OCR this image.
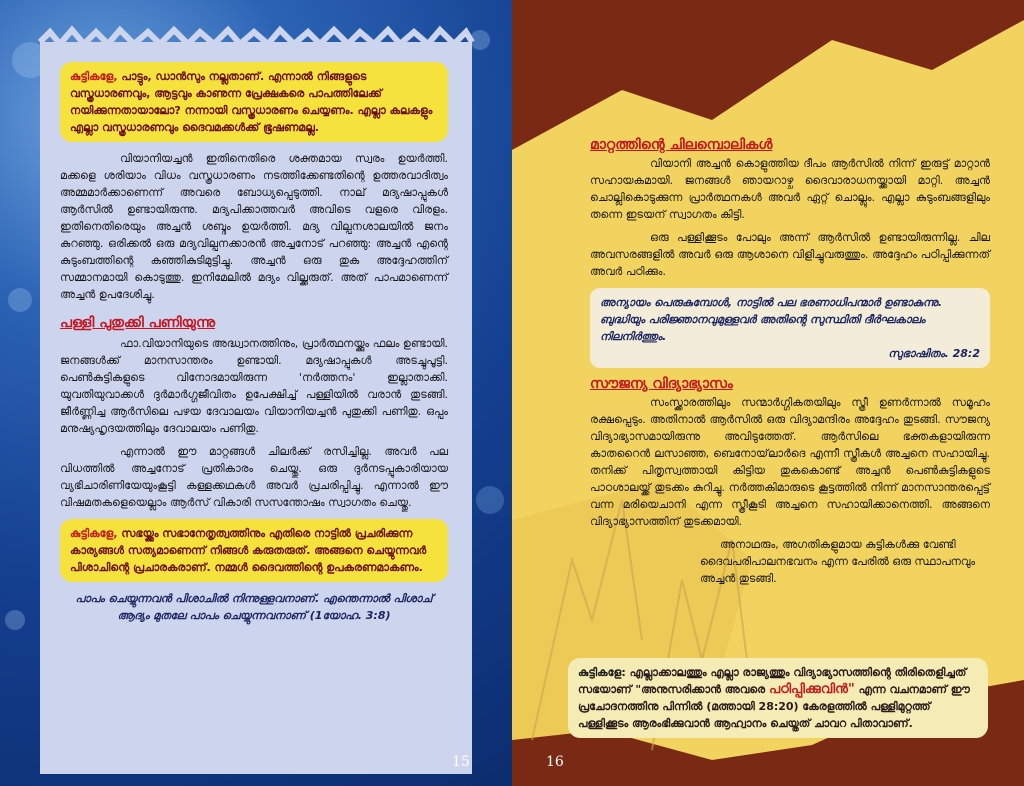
കുട്ടികളേ, പാട്ടും, ഡാൻസും നല്ലതാണ്. എന്നാൽ നിങ്ങളുടെ വസ്ത്രധാരണവും, ആട്ടവും കാണുന്ന പ്രേക്ഷകരെ പാപത്തിലേക്ക് നയിക്കുന്നതായാലോ? നന്നായി വസ്ത്രധാരണം ചെയ്യണം. എല്ലാ കലകളും എല്ലാ വസ്ത്രധാരണവും ദൈവമക്കൾക്ക് ഭൂഷണമല്ല.

വിയാനിയച്ചൻ ഇതിനെതിരെ ശക്തമായ സ്വരം ഉയർത്തി. മക്കളെ ശരിയാം വിധം വസ്ത്രധാരണം നടത്തിക്കേണ്ടതിന്റെ ഉത്തരവാദിത്വം അമ്മമാർക്കാണെന്ന് അവരെ ബോധ്യപ്പെടുത്തി. നാല് മദ്യഷാപ്പുകൾ ആർസിൽ ഉണ്ടായിരുന്നു. മദ്യപിക്കാത്തവർ അവിടെ വളരെ വിരളം. ഇതിനെതിരെയും അച്ചൻ ശബ്ദം ഉയർത്തി. മദ്യ വില്പനശാലയിൽ ജനം കുറഞ്ഞു. ഒരിക്കൽ ഒരു മദ്യവില്പനക്കാരൻ അച്ചനോട് പറഞ്ഞു: അച്ചൻ എന്റെ കുടുംബത്തിന്റെ കഞ്ഞികുടിമുട്ടിച്ചു. അച്ചൻ ഒരു തുക അദ്ദേഹത്തിന് സമ്മാനമായി കൊടുത്തു. ഇനിമേലിൽ മദ്യം വില്ക്കരുത്. അത് പാപമാണെന്ന് അച്ചൻ ഉപദേശിച്ചു.

പള്ളി പുതുക്കി പണിയുന്നു

ഫാ.വിയാനിയുടെ അദ്ധ്വാനത്തിനും, പ്രാർത്ഥനയ്ക്കും ഫലം ഉണ്ടായി. ജനങ്ങൾക്ക് മാനസാന്തരം ഉണ്ടായി. മദ്യഷാപ്പുകൾ അടച്ചുപൂട്ടി. പെൺകുട്ടികളുടെ വിനോദമായിരുന്ന 'നർത്തനം' ഇല്ലാതാക്കി. യുവതിയുവാക്കൾ ദുർമാർഗ്ഗജീവിതം ഉപേക്ഷിച്ച് പള്ളിയിൽ വരാൻ തുടങ്ങി. ജീർണ്ണിച്ച ആർസിലെ പഴയ ദേവാലയം വിയാനിയച്ചൻ പുതുക്കി പണിതു. ഒപ്പം മനുഷ്യഹൃദയത്തിലും ദേവാലയം പണിതു.

എന്നാൽ ഈ മാറ്റങ്ങൾ ചിലർക്ക് രസിച്ചില്ല. അവർ പല വിധത്തിൽ അച്ചനോട് പ്രതികാരം ചെയ്തു. ഒരു ദുർനടപ്പുകാരിയായ വ്യഭിചാരിണിയേയുംകൂട്ടി കള്ളക്കഥകൾ അവർ പ്രചരിപ്പിച്ചു. എന്നാൽ ഈ വിഷമതകളെയെല്ലാം ആർസ് വികാരി സസന്തോഷം സ്വാഗതം ചെയ്തു.

കുട്ടികളേ, സഭയ്ക്കും സഭാനേതൃത്വത്തിനും എതിരെ നാട്ടിൽ പ്രചരിക്കുന്ന കാര്യങ്ങൾ സത്യമാണെന്ന് നിങ്ങൾ കരുതരുത്. അങ്ങനെ ചെയ്യുന്നവർ പിശാചിന്റെ പ്രചാരകരാണ്. നമ്മൾ ദൈവത്തിന്റെ ഉപകരണമാകണം.

പാപം ചെയ്യുന്നവൻ പിശാചിൽ നിന്നുള്ളവനാണ്. എന്തെന്നാൽ പിശാച് ആദ്യം മുതലേ പാപം ചെയ്യുന്നവനാണ് (1യോഹ. 3:8)

15
മാറ്റത്തിന്റെ ചിലമ്പൊലികൾ

വിയാനി അച്ചൻ കൊളുത്തിയ ദീപം ആർസിൽ നിന്ന് ഇരുട്ട് മാറ്റാൻ സഹായകമായി. ജനങ്ങൾ ഞായറാഴ്ച ദൈവാരാധനയ്ക്കായി മാറ്റി. അച്ചൻ ചൊല്ലികൊടുക്കുന്ന പ്രാർത്ഥനകൾ അവർ ഏറ്റ് ചൊല്ലും. എല്ലാ കുടുംബങ്ങളിലും തന്നെ ഇടയന് സ്വാഗതം കിട്ടി.

ഒരു പള്ളിക്കൂടം പോലും അന്ന് ആർസിൽ ഉണ്ടായിരുന്നില്ല. ചില അവസരങ്ങളിൽ അവർ ഒരു ആശാനെ വിളിച്ചുവരുത്തും. അദ്ദേഹം പഠിപ്പിക്കുന്നത് അവർ പഠിക്കും.

അന്യായം പെരുകുമ്പോൾ, നാട്ടിൽ പല ഭരണാധിപന്മാർ ഉണ്ടാകുന്നു. ബുദ്ധിയും പരിജ്ഞാനവുമുള്ളവർ അതിന്റെ സുസ്ഥിതി ദീർഘകാലം നിലനിർത്തും.

സുഭാഷിതം. 28:2

സൗജന്യ വിദ്യാഭ്യാസം

സംസ്ക്കാരത്തിലും സന്മാർഗ്ഗികതയിലും സ്ത്രീ ഉണർന്നാൽ സമൂഹം രക്ഷപ്പെടും. അതിനാൽ ആർസിൽ ഒരു വിദ്യാമന്ദിരം അദ്ദേഹം തുടങ്ങി. സൗജന്യ വിദ്യാഭ്യാസമായിരുന്നു അവിടുത്തേത്. ആർസിലെ ഭക്തകളായിരുന്ന കാതറൈൻ ലസാഞ്ഞ, ബെനോയ്‌ലാർദെ എന്നീ സ്ത്രീകൾ അച്ചനെ സഹായിച്ചു. തനിക്ക് പിതൃസ്വത്തായി കിട്ടിയ തുകകൊണ്ട് അച്ചൻ പെൺകുട്ടികളുടെ പാഠശാലയ്ക്ക് തുടക്കം കുറിച്ചു. നർത്തകിമാരുടെ കൂട്ടത്തിൽ നിന്ന് മാനസാന്തരപ്പെട്ട് വന്ന മരിയെചാനി എന്ന സ്ത്രീകൂടി അച്ചനെ സഹായിക്കാനെത്തി. അങ്ങനെ വിദ്യാഭ്യാസത്തിന് തുടക്കമായി.

അനാഥരും, അഗതികളുമായ കുട്ടികൾക്കു വേണ്ടി ദൈവപരിപാലനഭവനം എന്ന പേരിൽ ഒരു സ്ഥാപനവും അച്ചൻ തുടങ്ങി.

കുട്ടികളേ: എല്ലാക്കാലത്തും എല്ലാ രാജ്യത്തും വിദ്യാഭ്യാസത്തിന്റെ തിരിതെളിച്ചത് സഭയാണ് "അനുസരിക്കാൻ അവരെ പഠിപ്പിക്കുവിൻ" എന്ന വചനമാണ് ഈ പ്രചോദനത്തിനു പിന്നിൽ (മത്തായി 28:20) കേരളത്തിൽ പള്ളിമുറ്റത്ത് പള്ളിക്കൂടം ആരംഭിക്കുവാൻ ആഹ്വാനം ചെയ്തത് ചാവറ പിതാവാണ്.
16
